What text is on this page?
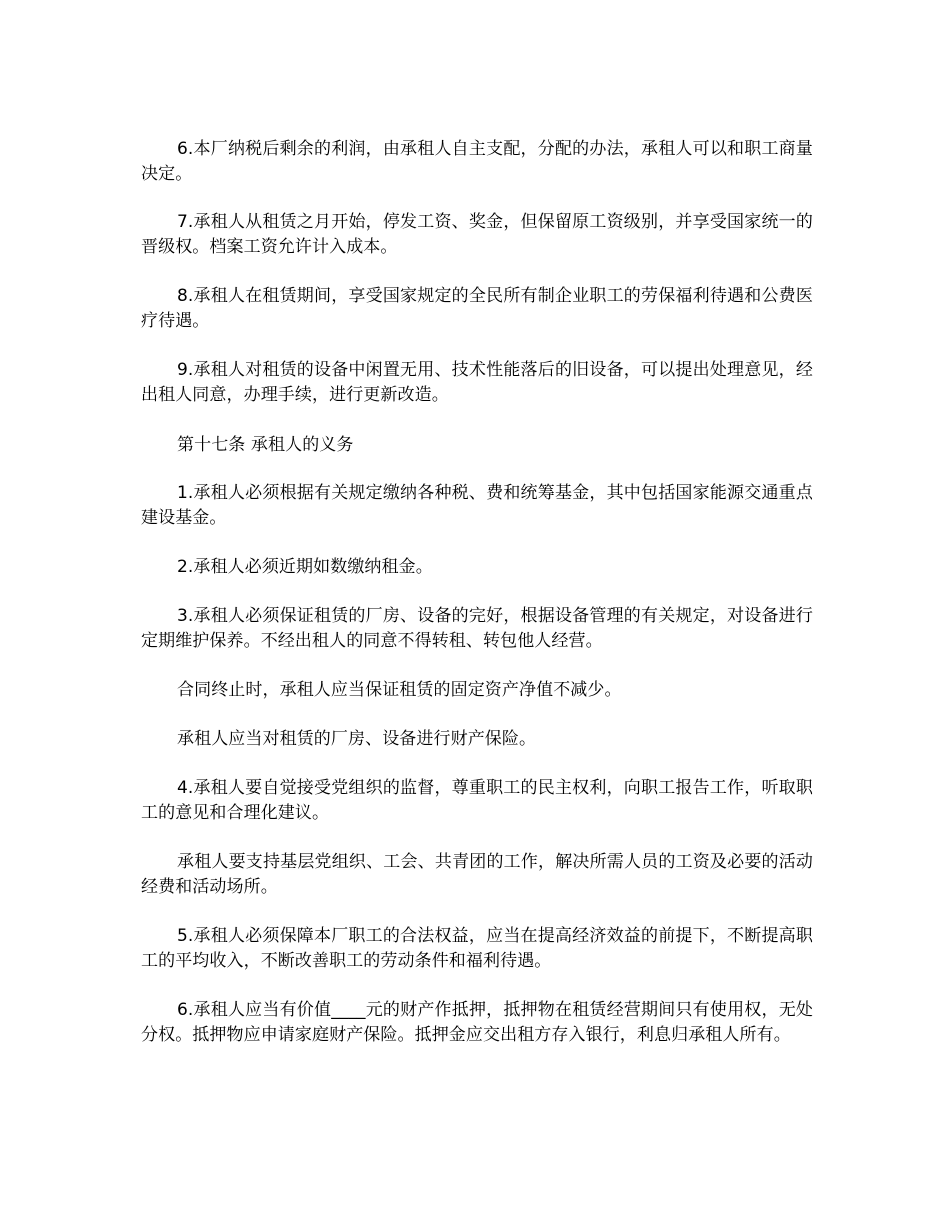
6.本厂纳税后剩余的利润，由承租人自主支配，分配的办法，承租人可以和职工商量决定。

7.承租人从租赁之月开始，停发工资、奖金，但保留原工资级别，并享受国家统一的晋级权。档案工资允许计入成本。

8.承租人在租赁期间，享受国家规定的全民所有制企业职工的劳保福利待遇和公费医疗待遇。

9.承租人对租赁的设备中闲置无用、技术性能落后的旧设备，可以提出处理意见，经出租人同意，办理手续，进行更新改造。

第十七条 承租人的义务

1.承租人必须根据有关规定缴纳各种税、费和统筹基金，其中包括国家能源交通重点建设基金。

2.承租人必须近期如数缴纳租金。

3.承租人必须保证租赁的厂房、设备的完好，根据设备管理的有关规定，对设备进行定期维护保养。不经出租人的同意不得转租、转包他人经营。

合同终止时，承租人应当保证租赁的固定资产净值不减少。

承租人应当对租赁的厂房、设备进行财产保险。

4.承租人要自觉接受党组织的监督，尊重职工的民主权利，向职工报告工作，听取职工的意见和合理化建议。

承租人要支持基层党组织、工会、共青团的工作，解决所需人员的工资及必要的活动经费和活动场所。

5.承租人必须保障本厂职工的合法权益，应当在提高经济效益的前提下，不断提高职工的平均收入，不断改善职工的劳动条件和福利待遇。

6.承租人应当有价值____元的财产作抵押，抵押物在租赁经营期间只有使用权，无处分权。抵押物应申请家庭财产保险。抵押金应交出租方存入银行，利息归承租人所有。
